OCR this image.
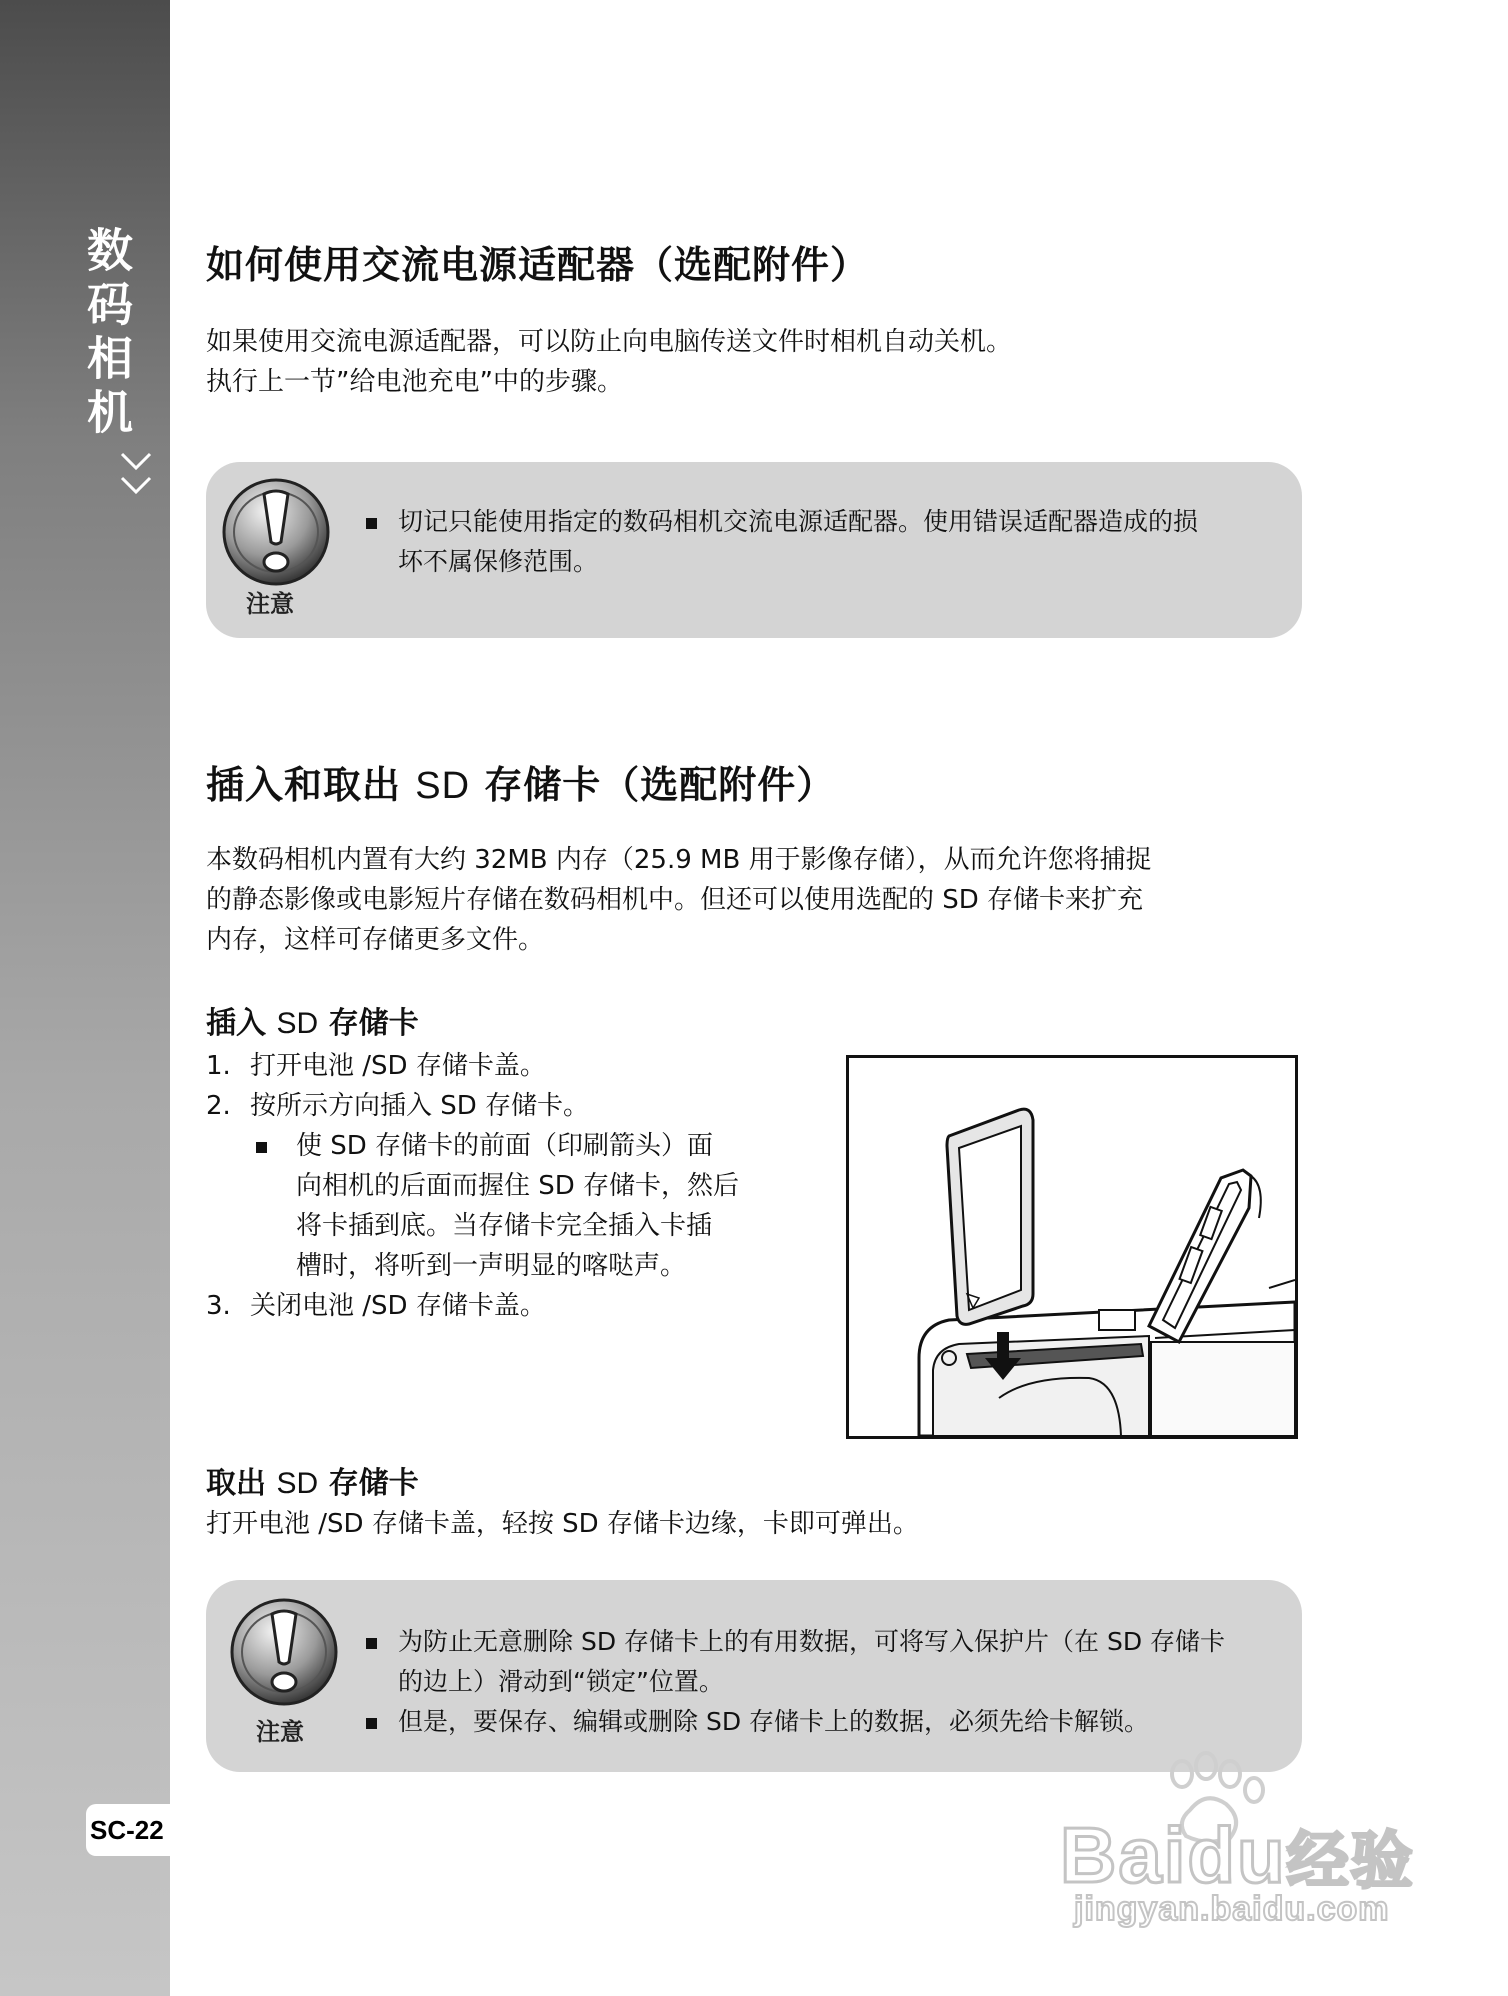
数码相机
SC-22
如何使用交流电源适配器（选配附件）
如果使用交流电源适配器，可以防止向电脑传送文件时相机自动关机。
执行上一节”给电池充电”中的步骤。
注意
切记只能使用指定的数码相机交流电源适配器。使用错误适配器造成的损
坏不属保修范围。
插入和取出 SD 存储卡（选配附件）
本数码相机内置有大约 32MB 内存（25.9 MB 用于影像存储），从而允许您将捕捉
的静态影像或电影短片存储在数码相机中。但还可以使用选配的 SD 存储卡来扩充
内存，这样可存储更多文件。
插入 SD 存储卡
1. 打开电池 /SD 存储卡盖。
2. 按所示方向插入 SD 存储卡。
使 SD 存储卡的前面（印刷箭头）面
向相机的后面而握住 SD 存储卡，然后
将卡插到底。当存储卡完全插入卡插
槽时，将听到一声明显的喀哒声。
3. 关闭电池 /SD 存储卡盖。
取出 SD 存储卡
打开电池 /SD 存储卡盖，轻按 SD 存储卡边缘，卡即可弹出。
注意
为防止无意删除 SD 存储卡上的有用数据，可将写入保护片（在 SD 存储卡
的边上）滑动到“锁定”位置。
但是，要保存、编辑或删除 SD 存储卡上的数据，必须先给卡解锁。
Baidu经验
jingyan.baidu.com
